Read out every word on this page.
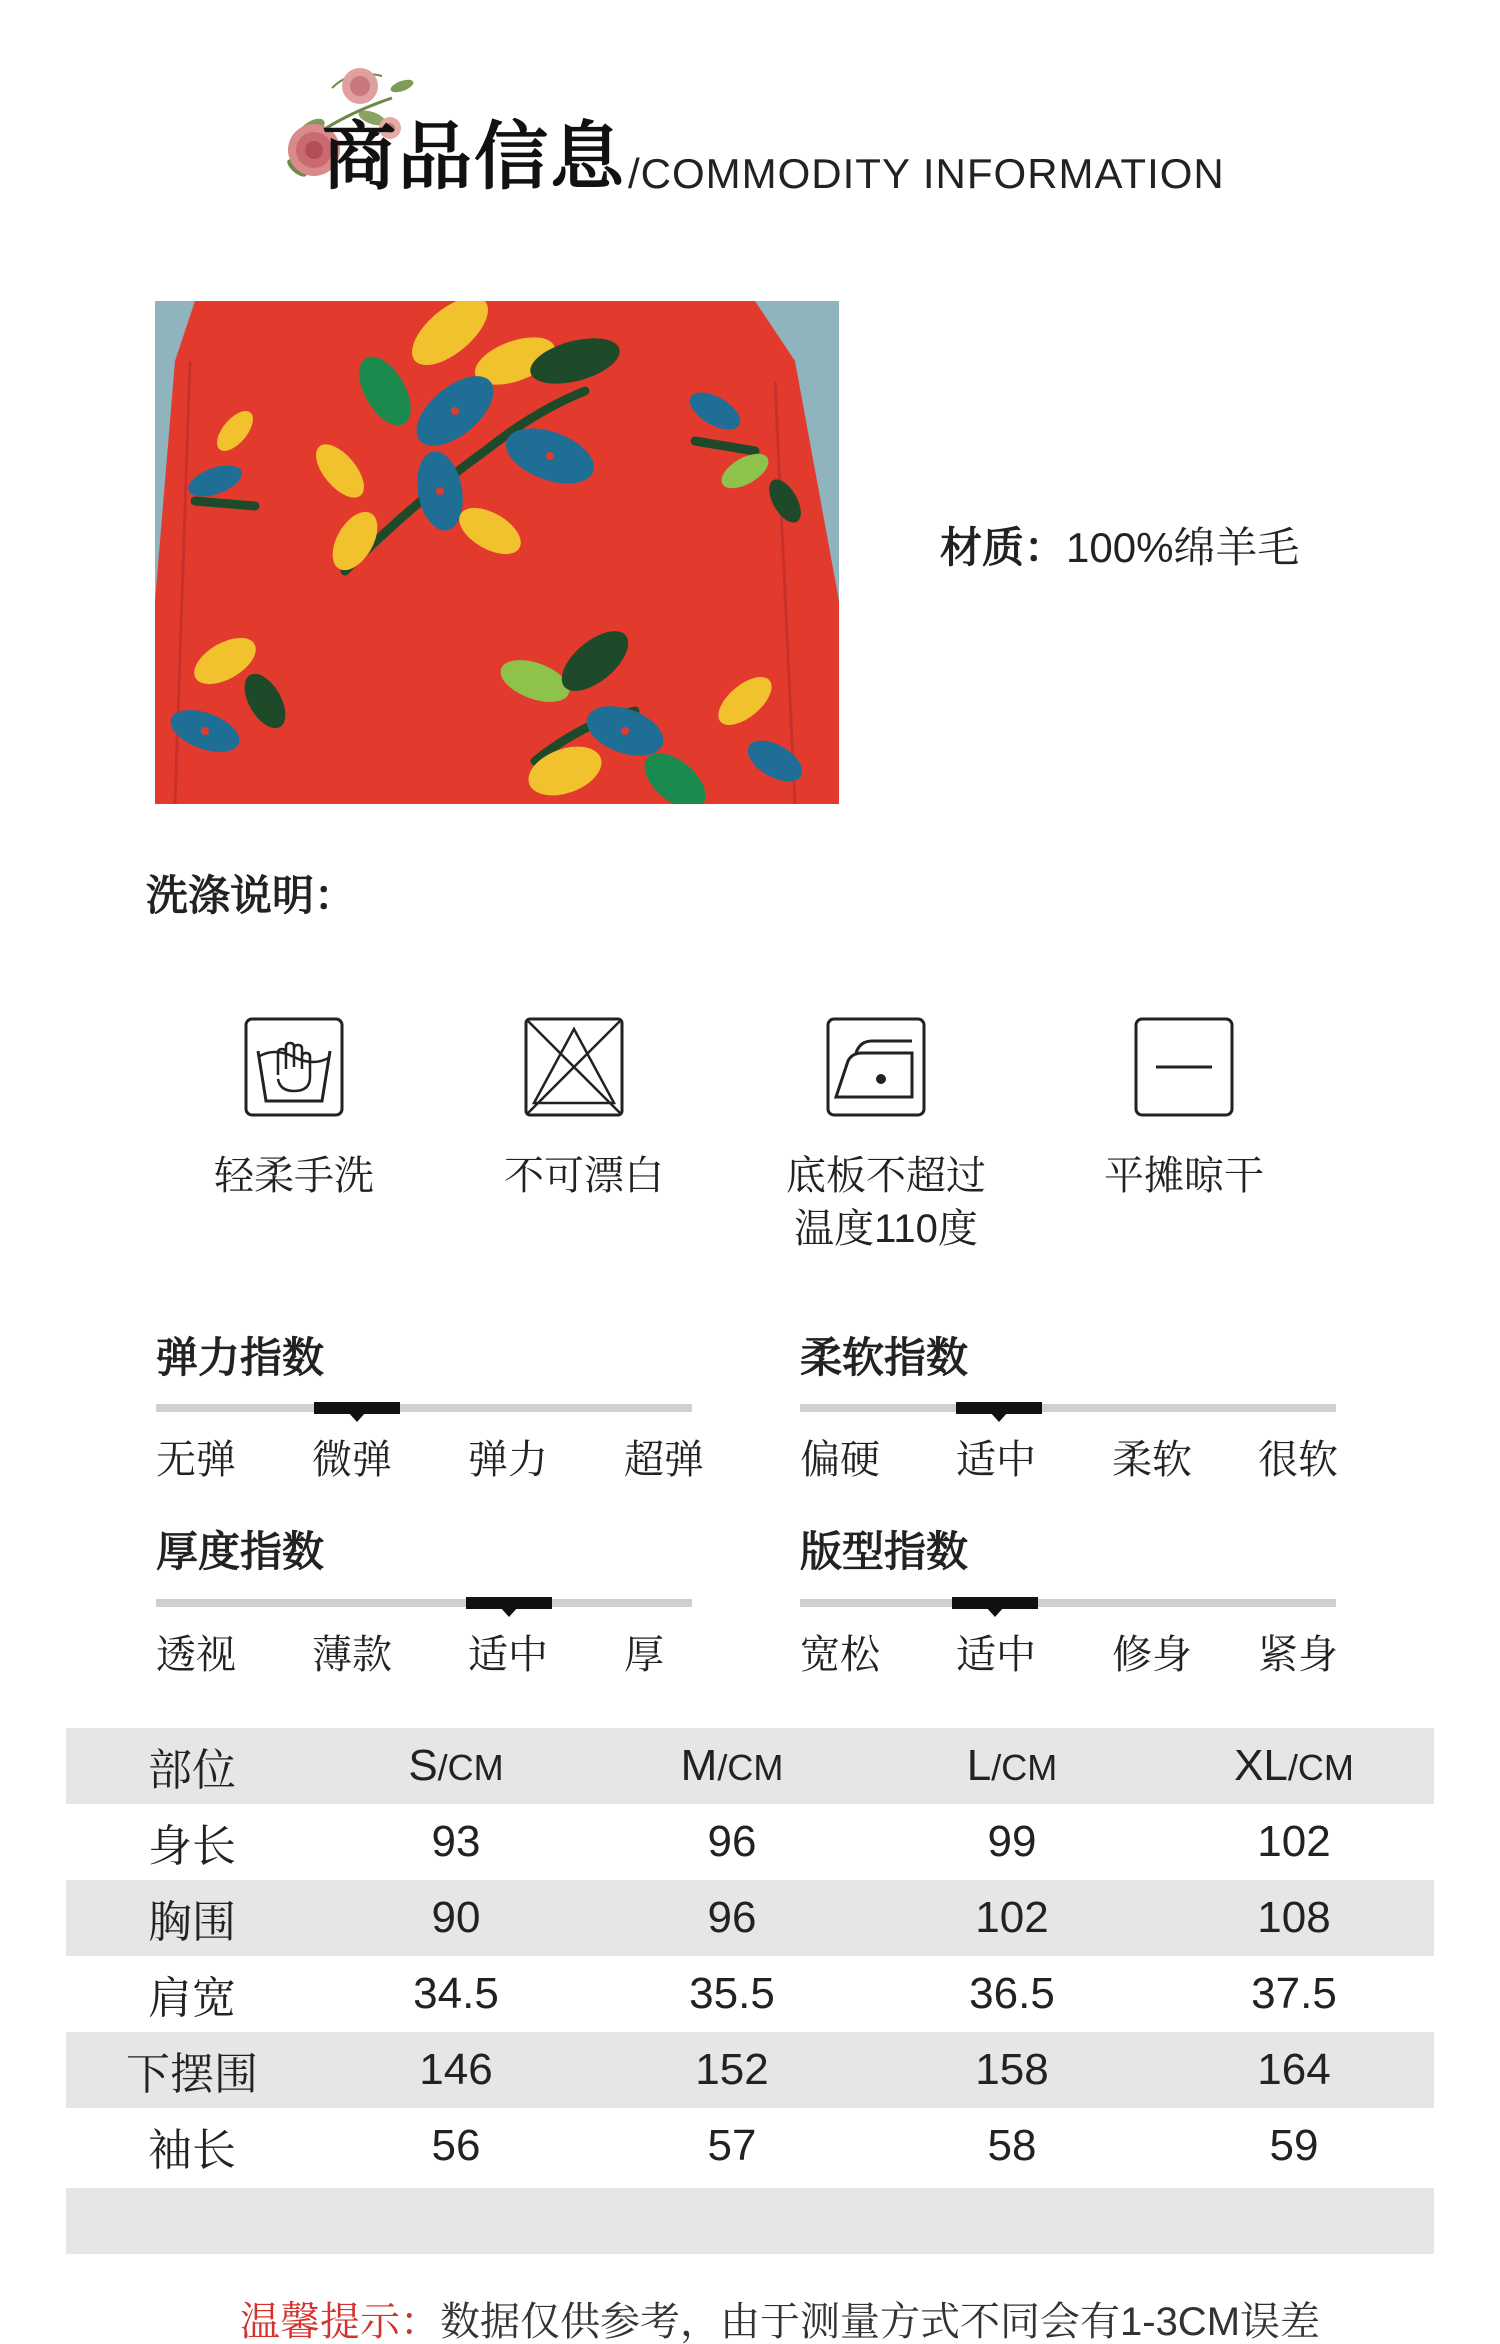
商品信息 /COMMODITY INFORMATION
材质：100%绵羊毛
洗涤说明：
轻柔手洗	不可漂白	底板不超过
温度110度
平摊晾干
弹力指数
无弹 微弹 弹力 超弹
柔软指数
偏硬 适中 柔软 很软
厚度指数
透视 薄款 适中 厚
版型指数
宽松 适中 修身 紧身
部位	S/CM	M/CM	L/CM	XL/CM
身长	93	96	99	102
胸围	90	96	102	108
肩宽	34.5	35.5	36.5	37.5
下摆围	146	152	158	164
袖长	56	57	58	59
温馨提示：数据仅供参考，由于测量方式不同会有1-3CM误差
